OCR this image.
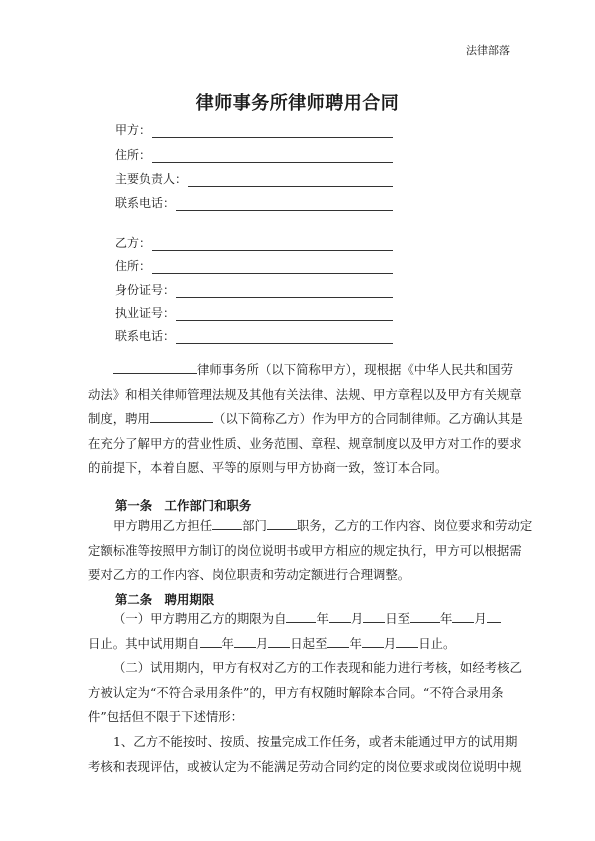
法律部落
律师事务所律师聘用合同
甲方：
住所：
主要负责人：
联系电话：
乙方：
住所：
身份证号：
执业证号：
联系电话：
律师事务所（以下简称甲方），现根据《中华人民共和国劳
动法》和相关律师管理法规及其他有关法律、法规、甲方章程以及甲方有关规章
制度，聘用	（以下简称乙方）作为甲方的合同制律师。乙方确认其是
在充分了解甲方的营业性质、业务范围、章程、规章制度以及甲方对工作的要求
的前提下，本着自愿、平等的原则与甲方协商一致，签订本合同。
第一条　工作部门和职务
甲方聘用乙方担任 部门 职务，乙方的工作内容、岗位要求和劳动定
定额标准等按照甲方制订的岗位说明书或甲方相应的规定执行，甲方可以根据需
要对乙方的工作内容、岗位职责和劳动定额进行合理调整。
第二条　聘用期限
（一）甲方聘用乙方的期限为自 年 月 日至 年 月
日止。其中试用期自 年 月 日起至 年 月 日止。
（二）试用期内，甲方有权对乙方的工作表现和能力进行考核，如经考核乙
方被认定为“不符合录用条件”的，甲方有权随时解除本合同。“不符合录用条
件”包括但不限于下述情形：
1、乙方不能按时、按质、按量完成工作任务，或者未能通过甲方的试用期
考核和表现评估，或被认定为不能满足劳动合同约定的岗位要求或岗位说明中规
